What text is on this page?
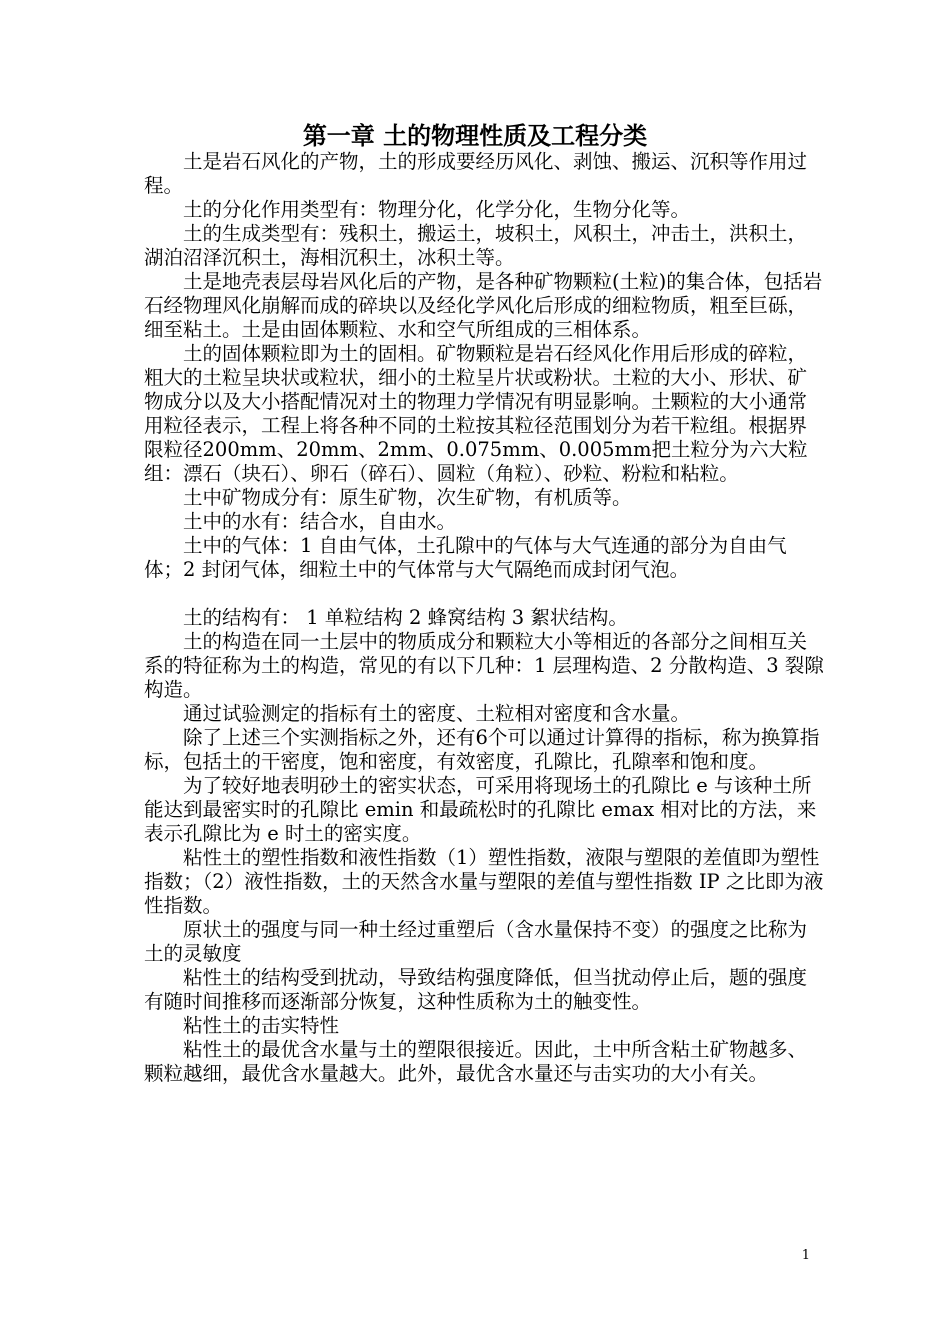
第一章 土的物理性质及工程分类

土是岩石风化的产物，土的形成要经历风化、剥蚀、搬运、沉积等作用过程。

土的分化作用类型有：物理分化，化学分化，生物分化等。

土的生成类型有：残积土，搬运土，坡积土，风积土，冲击土，洪积土，湖泊沼泽沉积土，海相沉积土，冰积土等。

土是地壳表层母岩风化后的产物，是各种矿物颗粒(土粒)的集合体，包括岩石经物理风化崩解而成的碎块以及经化学风化后形成的细粒物质，粗至巨砾，细至粘土。土是由固体颗粒、水和空气所组成的三相体系。

土的固体颗粒即为土的固相。矿物颗粒是岩石经风化作用后形成的碎粒，粗大的土粒呈块状或粒状，细小的土粒呈片状或粉状。土粒的大小、形状、矿物成分以及大小搭配情况对土的物理力学情况有明显影响。土颗粒的大小通常用粒径表示，工程上将各种不同的土粒按其粒径范围划分为若干粒组。根据界限粒径200mm、20mm、2mm、0.075mm、0.005mm把土粒分为六大粒组：漂石（块石）、卵石（碎石）、圆粒（角粒）、砂粒、粉粒和粘粒。

土中矿物成分有：原生矿物，次生矿物，有机质等。

土中的水有：结合水，自由水。

土中的气体：1 自由气体，土孔隙中的气体与大气连通的部分为自由气体；2 封闭气体，细粒土中的气体常与大气隔绝而成封闭气泡。

土的结构有： 1 单粒结构 2 蜂窝结构 3 絮状结构。

土的构造在同一土层中的物质成分和颗粒大小等相近的各部分之间相互关系的特征称为土的构造，常见的有以下几种：1 层理构造、2 分散构造、3 裂隙构造。

通过试验测定的指标有土的密度、土粒相对密度和含水量。

除了上述三个实测指标之外，还有6个可以通过计算得的指标，称为换算指标，包括土的干密度，饱和密度，有效密度，孔隙比，孔隙率和饱和度。

为了较好地表明砂土的密实状态，可采用将现场土的孔隙比 e 与该种土所能达到最密实时的孔隙比 emin 和最疏松时的孔隙比 emax 相对比的方法，来表示孔隙比为 e 时土的密实度。

粘性土的塑性指数和液性指数（1）塑性指数，液限与塑限的差值即为塑性指数；（2）液性指数，土的天然含水量与塑限的差值与塑性指数 IP 之比即为液性指数。

原状土的强度与同一种土经过重塑后（含水量保持不变）的强度之比称为土的灵敏度

粘性土的结构受到扰动，导致结构强度降低，但当扰动停止后，题的强度有随时间推移而逐渐部分恢复，这种性质称为土的触变性。

粘性土的击实特性

粘性土的最优含水量与土的塑限很接近。因此，土中所含粘土矿物越多、颗粒越细，最优含水量越大。此外，最优含水量还与击实功的大小有关。

1
